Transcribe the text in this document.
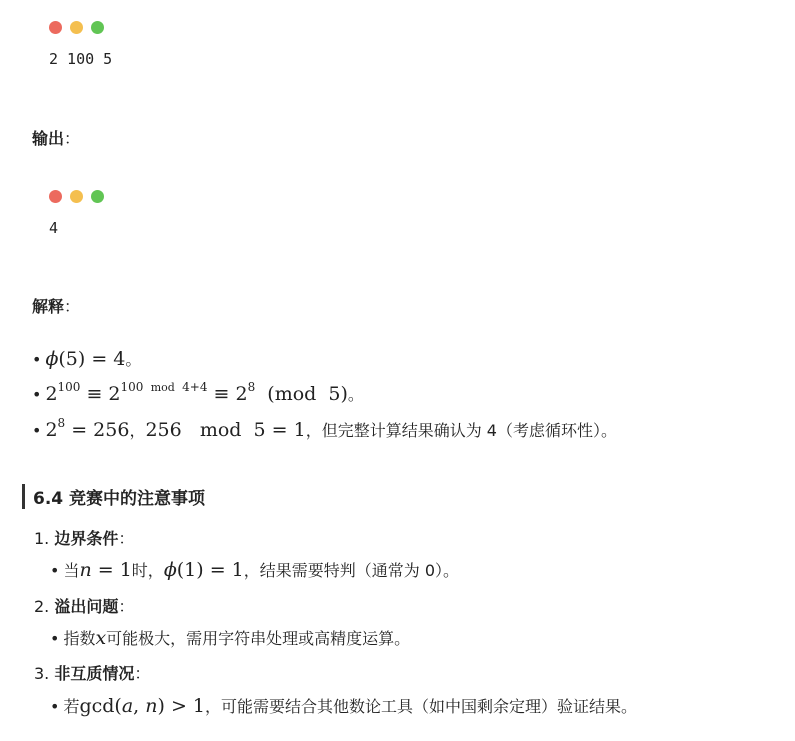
2 100 5
输出：
4
解释：
• ϕ(5) = 4 。
• $2^{100} \equiv 2^{100 mod 4+4} \equiv 2^8$  (mod  5) 。
• $2^8 = 256$ ， 256   mod  5 = 1 ，但完整计算结果确认为 4（考虑循环性）。
6.4 竞赛中的注意事项
1. 边界条件：
• 当 n = 1 时， ϕ(1) = 1 ，结果需要特判（通常为 0）。
2. 溢出问题：
• 指数 x 可能极大，需用字符串处理或高精度运算。
3. 非互质情况：
• 若 gcd(a, n) > 1 ，可能需要结合其他数论工具（如中国剩余定理）验证结果。
